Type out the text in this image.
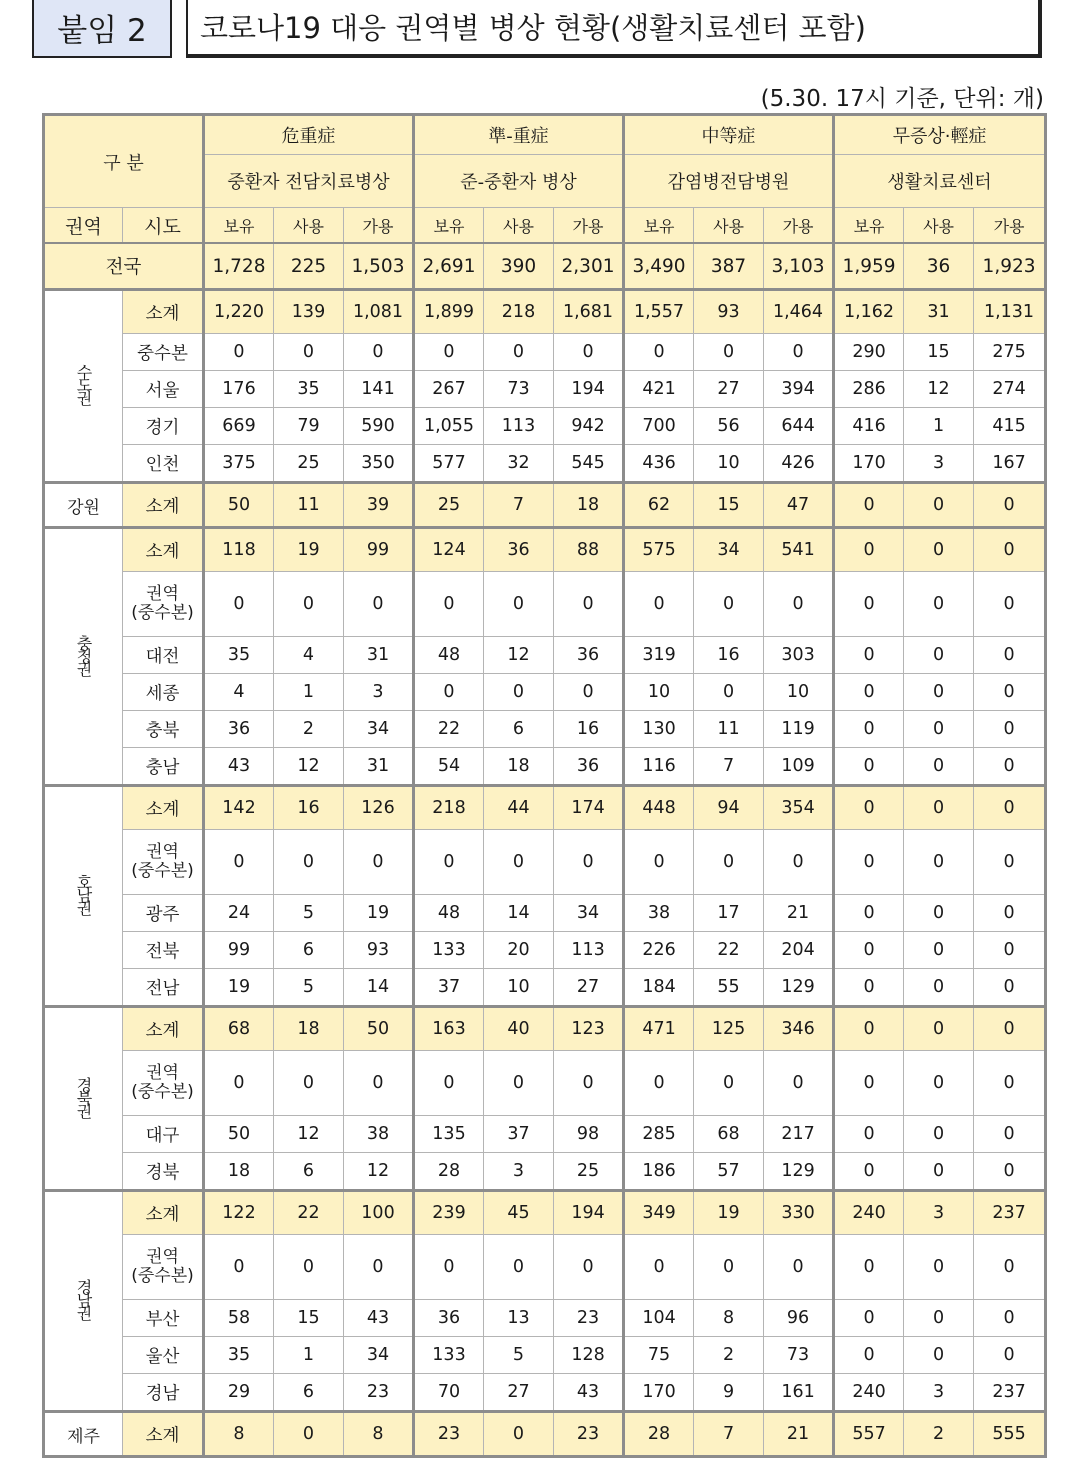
붙임 2	코로나19 대응 권역별 병상 현황(생활치료센터 포함)
(5.30. 17시 기준, 단위: 개)
구 분		危重症			準-重症			中等症			무증상·輕症		
		중환자 전담치료병상			준-중환자 병상			감염병전담병원			생활치료센터		
권역	시도	보유	사용	가용	보유	사용	가용	보유	사용	가용	보유	사용	가용
전국		1,728	225	1,503	2,691	390	2,301	3,490	387	3,103	1,959	36	1,923
수도권	소계	1,220	139	1,081	1,899	218	1,681	1,557	93	1,464	1,162	31	1,131
	중수본	0	0	0	0	0	0	0	0	0	290	15	275
	서울	176	35	141	267	73	194	421	27	394	286	12	274
	경기	669	79	590	1,055	113	942	700	56	644	416	1	415
	인천	375	25	350	577	32	545	436	10	426	170	3	167
강원	소계	50	11	39	25	7	18	62	15	47	0	0	0
충청권	소계	118	19	99	124	36	88	575	34	541	0	0	0

	권역
(중수본)	0	0	0	0	0	0	0	0	0	0	0	0
	대전	35	4	31	48	12	36	319	16	303	0	0	0
	세종	4	1	3	0	0	0	10	0	10	0	0	0
	충북	36	2	34	22	6	16	130	11	119	0	0	0
	충남	43	12	31	54	18	36	116	7	109	0	0	0
호남권	소계	142	16	126	218	44	174	448	94	354	0	0	0

	권역
(중수본)	0	0	0	0	0	0	0	0	0	0	0	0
	광주	24	5	19	48	14	34	38	17	21	0	0	0
	전북	99	6	93	133	20	113	226	22	204	0	0	0
	전남	19	5	14	37	10	27	184	55	129	0	0	0
경북권	소계	68	18	50	163	40	123	471	125	346	0	0	0

	권역
(중수본)	0	0	0	0	0	0	0	0	0	0	0	0
	대구	50	12	38	135	37	98	285	68	217	0	0	0
	경북	18	6	12	28	3	25	186	57	129	0	0	0
경남권	소계	122	22	100	239	45	194	349	19	330	240	3	237

	권역
(중수본)	0	0	0	0	0	0	0	0	0	0	0	0
	부산	58	15	43	36	13	23	104	8	96	0	0	0
	울산	35	1	34	133	5	128	75	2	73	0	0	0
	경남	29	6	23	70	27	43	170	9	161	240	3	237
제주	소계	8	0	8	23	0	23	28	7	21	557	2	555
